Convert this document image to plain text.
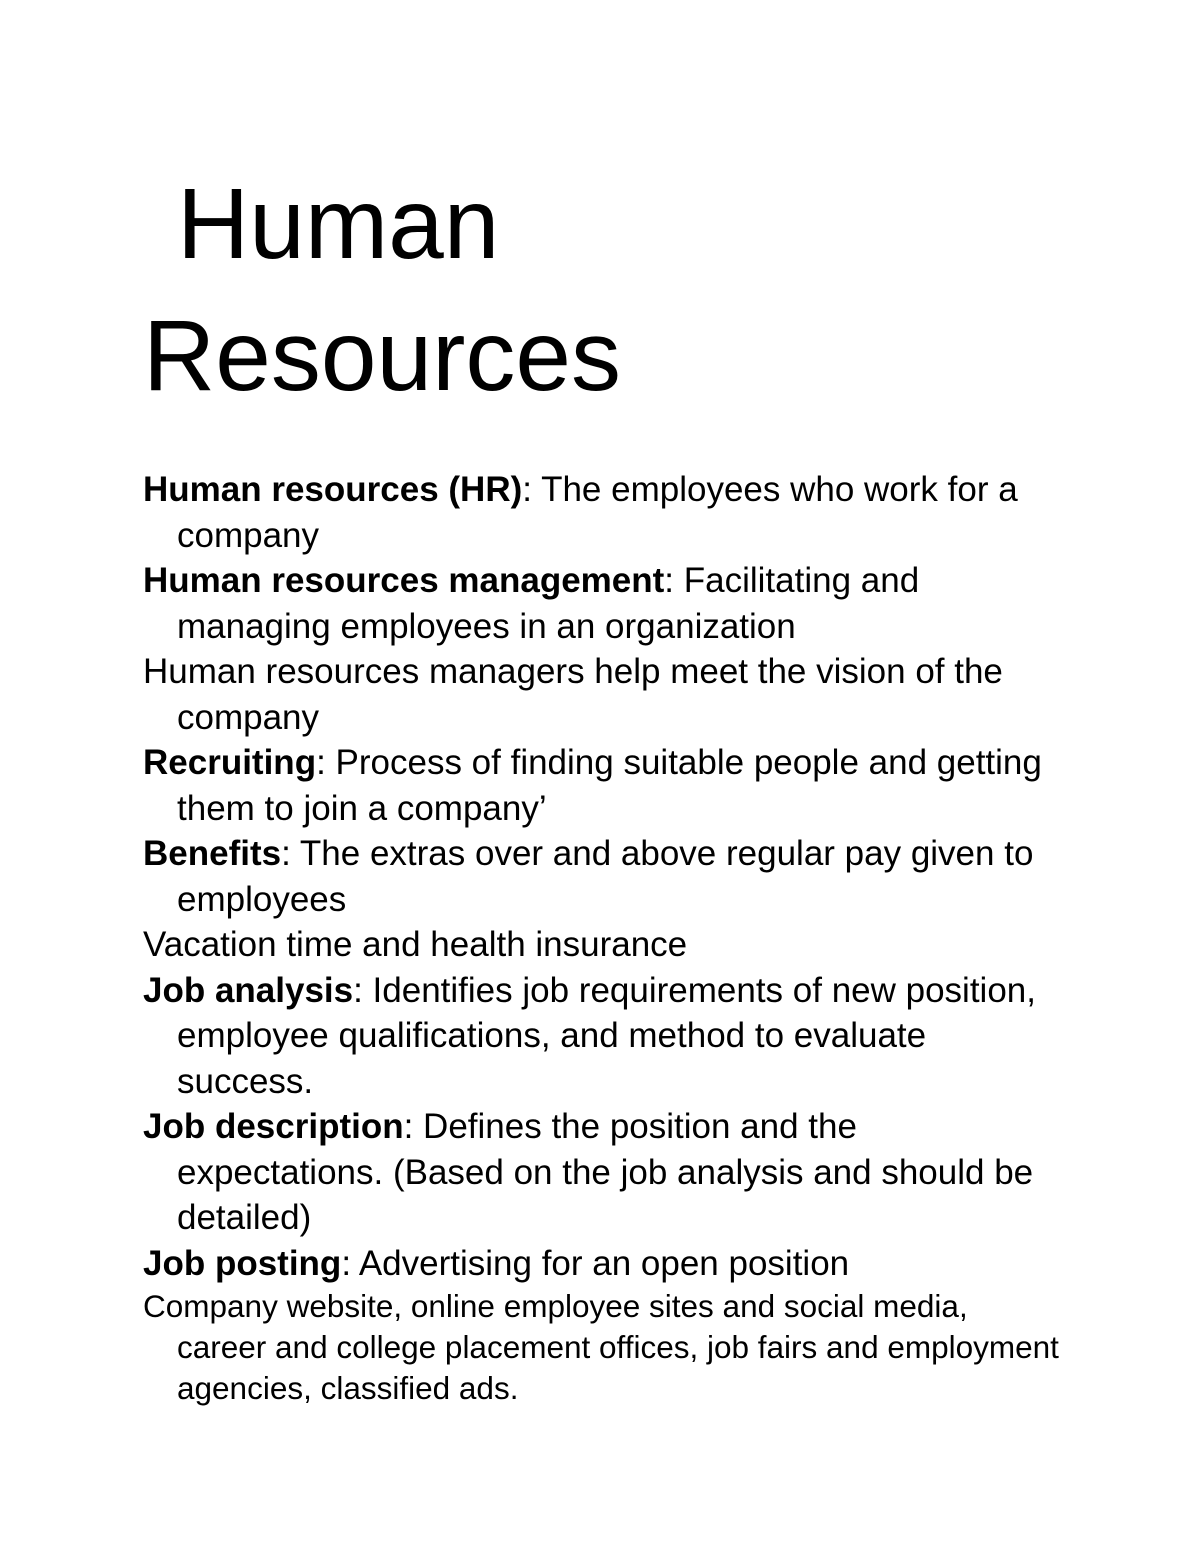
Human
Resources

Human resources (HR): The employees who work for a company

Human resources management: Facilitating and managing employees in an organization

Human resources managers help meet the vision of the company

Recruiting: Process of finding suitable people and getting them to join a company’

Benefits: The extras over and above regular pay given to employees

Vacation time and health insurance

Job analysis: Identifies job requirements of new position, employee qualifications, and method to evaluate success.

Job description: Defines the position and the expectations. (Based on the job analysis and should be detailed)

Job posting: Advertising for an open position

Company website, online employee sites and social media, career and college placement offices, job fairs and employment agencies, classified ads.
